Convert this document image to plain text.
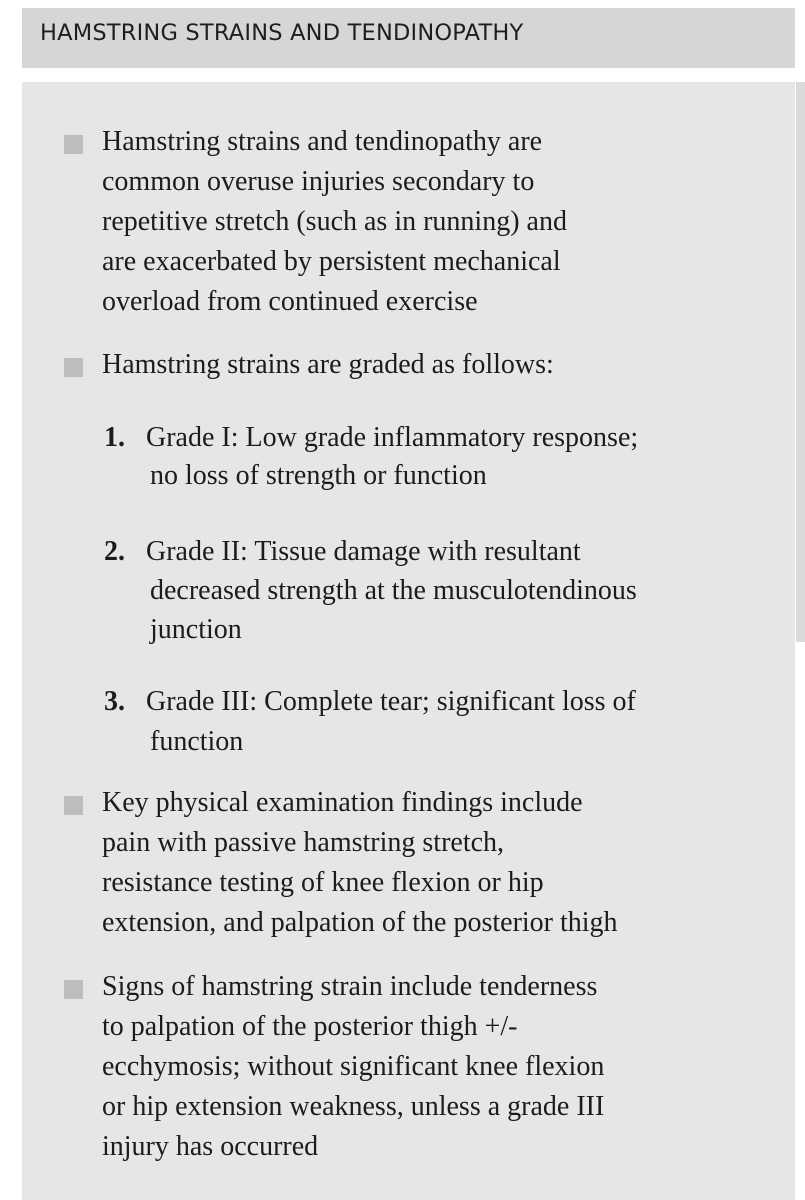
HAMSTRING STRAINS AND TENDINOPATHY
Hamstring strains and tendinopathy are
common overuse injuries secondary to
repetitive stretch (such as in running) and
are exacerbated by persistent mechanical
overload from continued exercise
Hamstring strains are graded as follows:
1. Grade I: Low grade inflammatory response;
no loss of strength or function
2. Grade II: Tissue damage with resultant
decreased strength at the musculotendinous
junction
3. Grade III: Complete tear; significant loss of
function
Key physical examination findings include
pain with passive hamstring stretch,
resistance testing of knee flexion or hip
extension, and palpation of the posterior thigh
Signs of hamstring strain include tenderness
to palpation of the posterior thigh +/-
ecchymosis; without significant knee flexion
or hip extension weakness, unless a grade III
injury has occurred
